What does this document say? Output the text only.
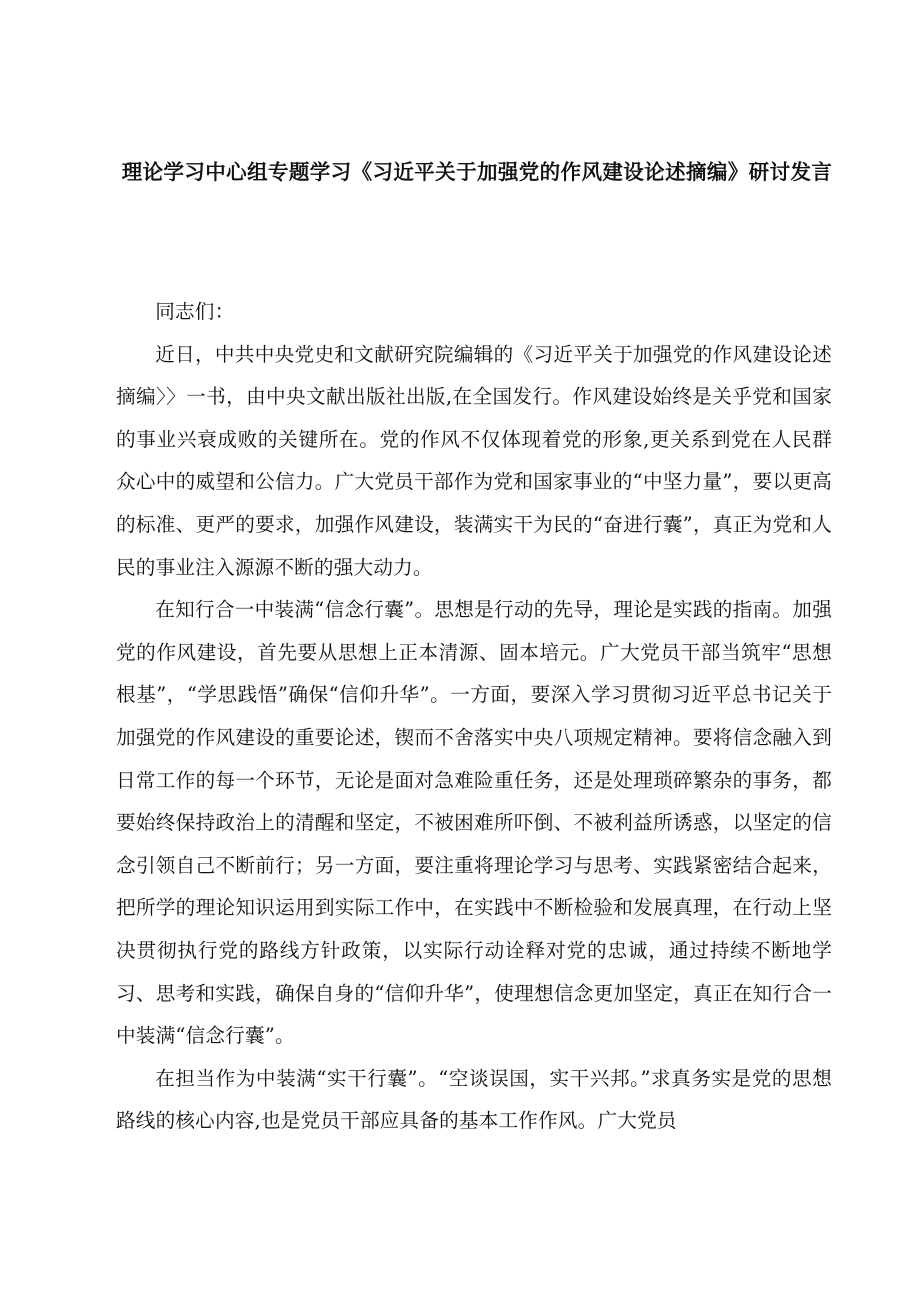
理论学习中心组专题学习《习近平关于加强党的作风建设论述摘编》研讨发言

同志们：

近日，中共中央党史和文献研究院编辑的《习近平关于加强党的作风建设论述摘编〉〉一书，由中央文献出版社出版,在全国发行。作风建设始终是关乎党和国家的事业兴衰成败的关键所在。党的作风不仅体现着党的形象,更关系到党在人民群众心中的威望和公信力。广大党员干部作为党和国家事业的“中坚力量”，要以更高的标准、更严的要求，加强作风建设，装满实干为民的“奋进行囊”，真正为党和人民的事业注入源源不断的强大动力。

在知行合一中装满“信念行囊”。思想是行动的先导，理论是实践的指南。加强党的作风建设，首先要从思想上正本清源、固本培元。广大党员干部当筑牢“思想根基”，“学思践悟”确保“信仰升华”。一方面，要深入学习贯彻习近平总书记关于加强党的作风建设的重要论述，锲而不舍落实中央八项规定精神。要将信念融入到日常工作的每一个环节，无论是面对急难险重任务，还是处理琐碎繁杂的事务，都要始终保持政治上的清醒和坚定，不被困难所吓倒、不被利益所诱惑，以坚定的信念引领自己不断前行；另一方面，要注重将理论学习与思考、实践紧密结合起来，把所学的理论知识运用到实际工作中，在实践中不断检验和发展真理，在行动上坚决贯彻执行党的路线方针政策，以实际行动诠释对党的忠诚，通过持续不断地学习、思考和实践，确保自身的“信仰升华”，使理想信念更加坚定，真正在知行合一中装满“信念行囊”。

在担当作为中装满“实干行囊”。“空谈误国，实干兴邦。”求真务实是党的思想路线的核心内容,也是党员干部应具备的基本工作作风。广大党员
